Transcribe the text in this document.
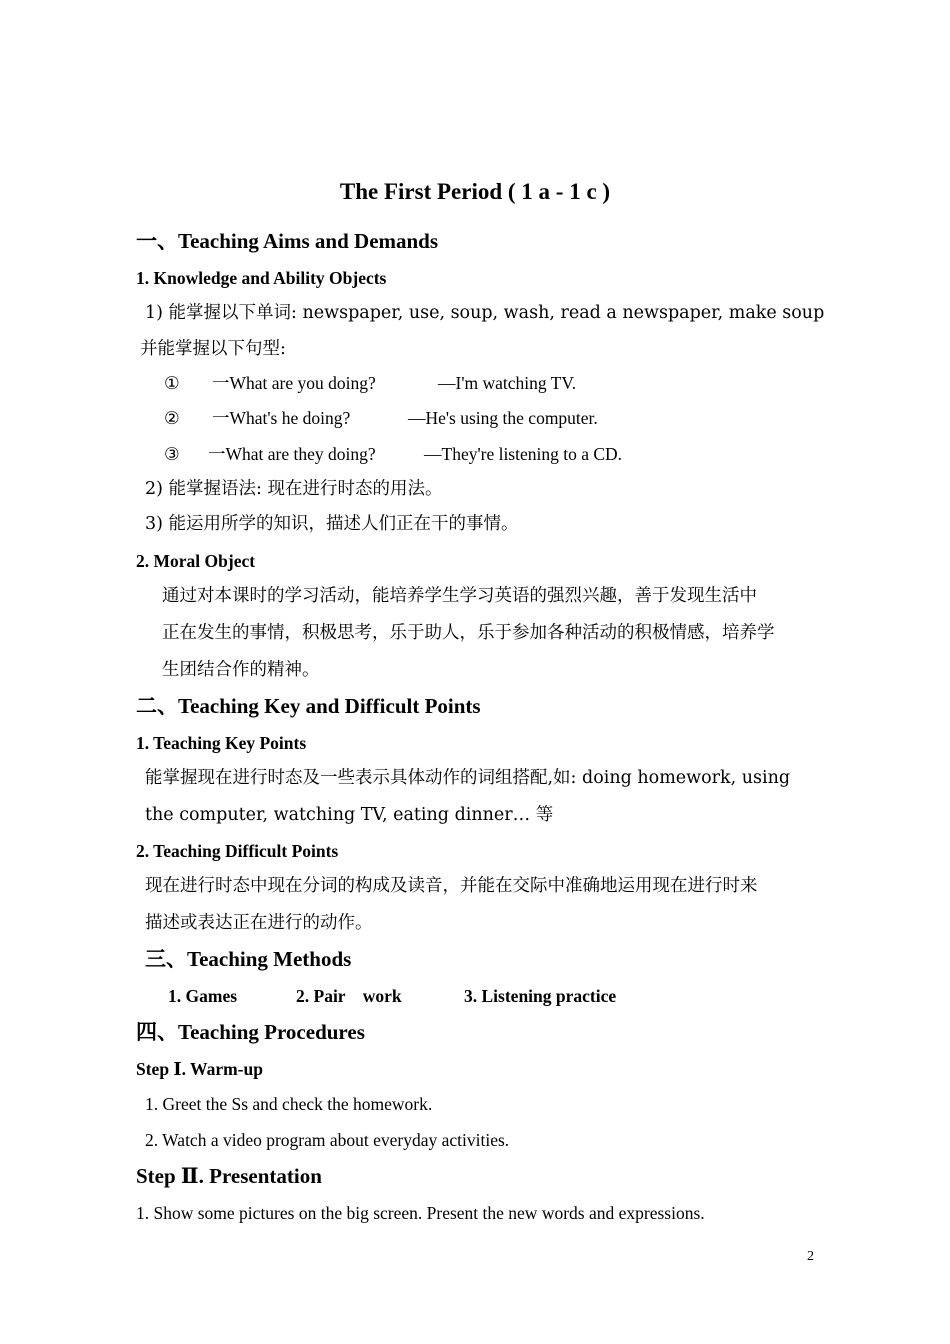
The First Period ( 1 a - 1 c )
一、Teaching Aims and Demands
1. Knowledge and Ability Objects
1) 能掌握以下单词: newspaper, use, soup, wash, read a newspaper, make soup
并能掌握以下句型:
① 一What are you doing?	—I'm watching TV.
② 一What's he doing?	—He's using the computer.
③ 一What are they doing?	—They're listening to a CD.
2) 能掌握语法: 现在进行时态的用法。
3) 能运用所学的知识，描述人们正在干的事情。
2. Moral Object
通过对本课时的学习活动，能培养学生学习英语的强烈兴趣，善于发现生活中
正在发生的事情，积极思考，乐于助人，乐于参加各种活动的积极情感，培养学
生团结合作的精神。
二、Teaching Key and Difficult Points
1. Teaching Key Points
能掌握现在进行时态及一些表示具体动作的词组搭配,如: doing homework, using
the computer, watching TV, eating dinner… 等
2. Teaching Difficult Points
现在进行时态中现在分词的构成及读音，并能在交际中准确地运用现在进行时来
描述或表达正在进行的动作。
三、Teaching Methods
1. Games	2. Pair    work	3. Listening practice
四、Teaching Procedures
Step Ⅰ. Warm-up
1. Greet the Ss and check the homework.
2. Watch a video program about everyday activities.
Step Ⅱ. Presentation
1. Show some pictures on the big screen. Present the new words and expressions.
2
